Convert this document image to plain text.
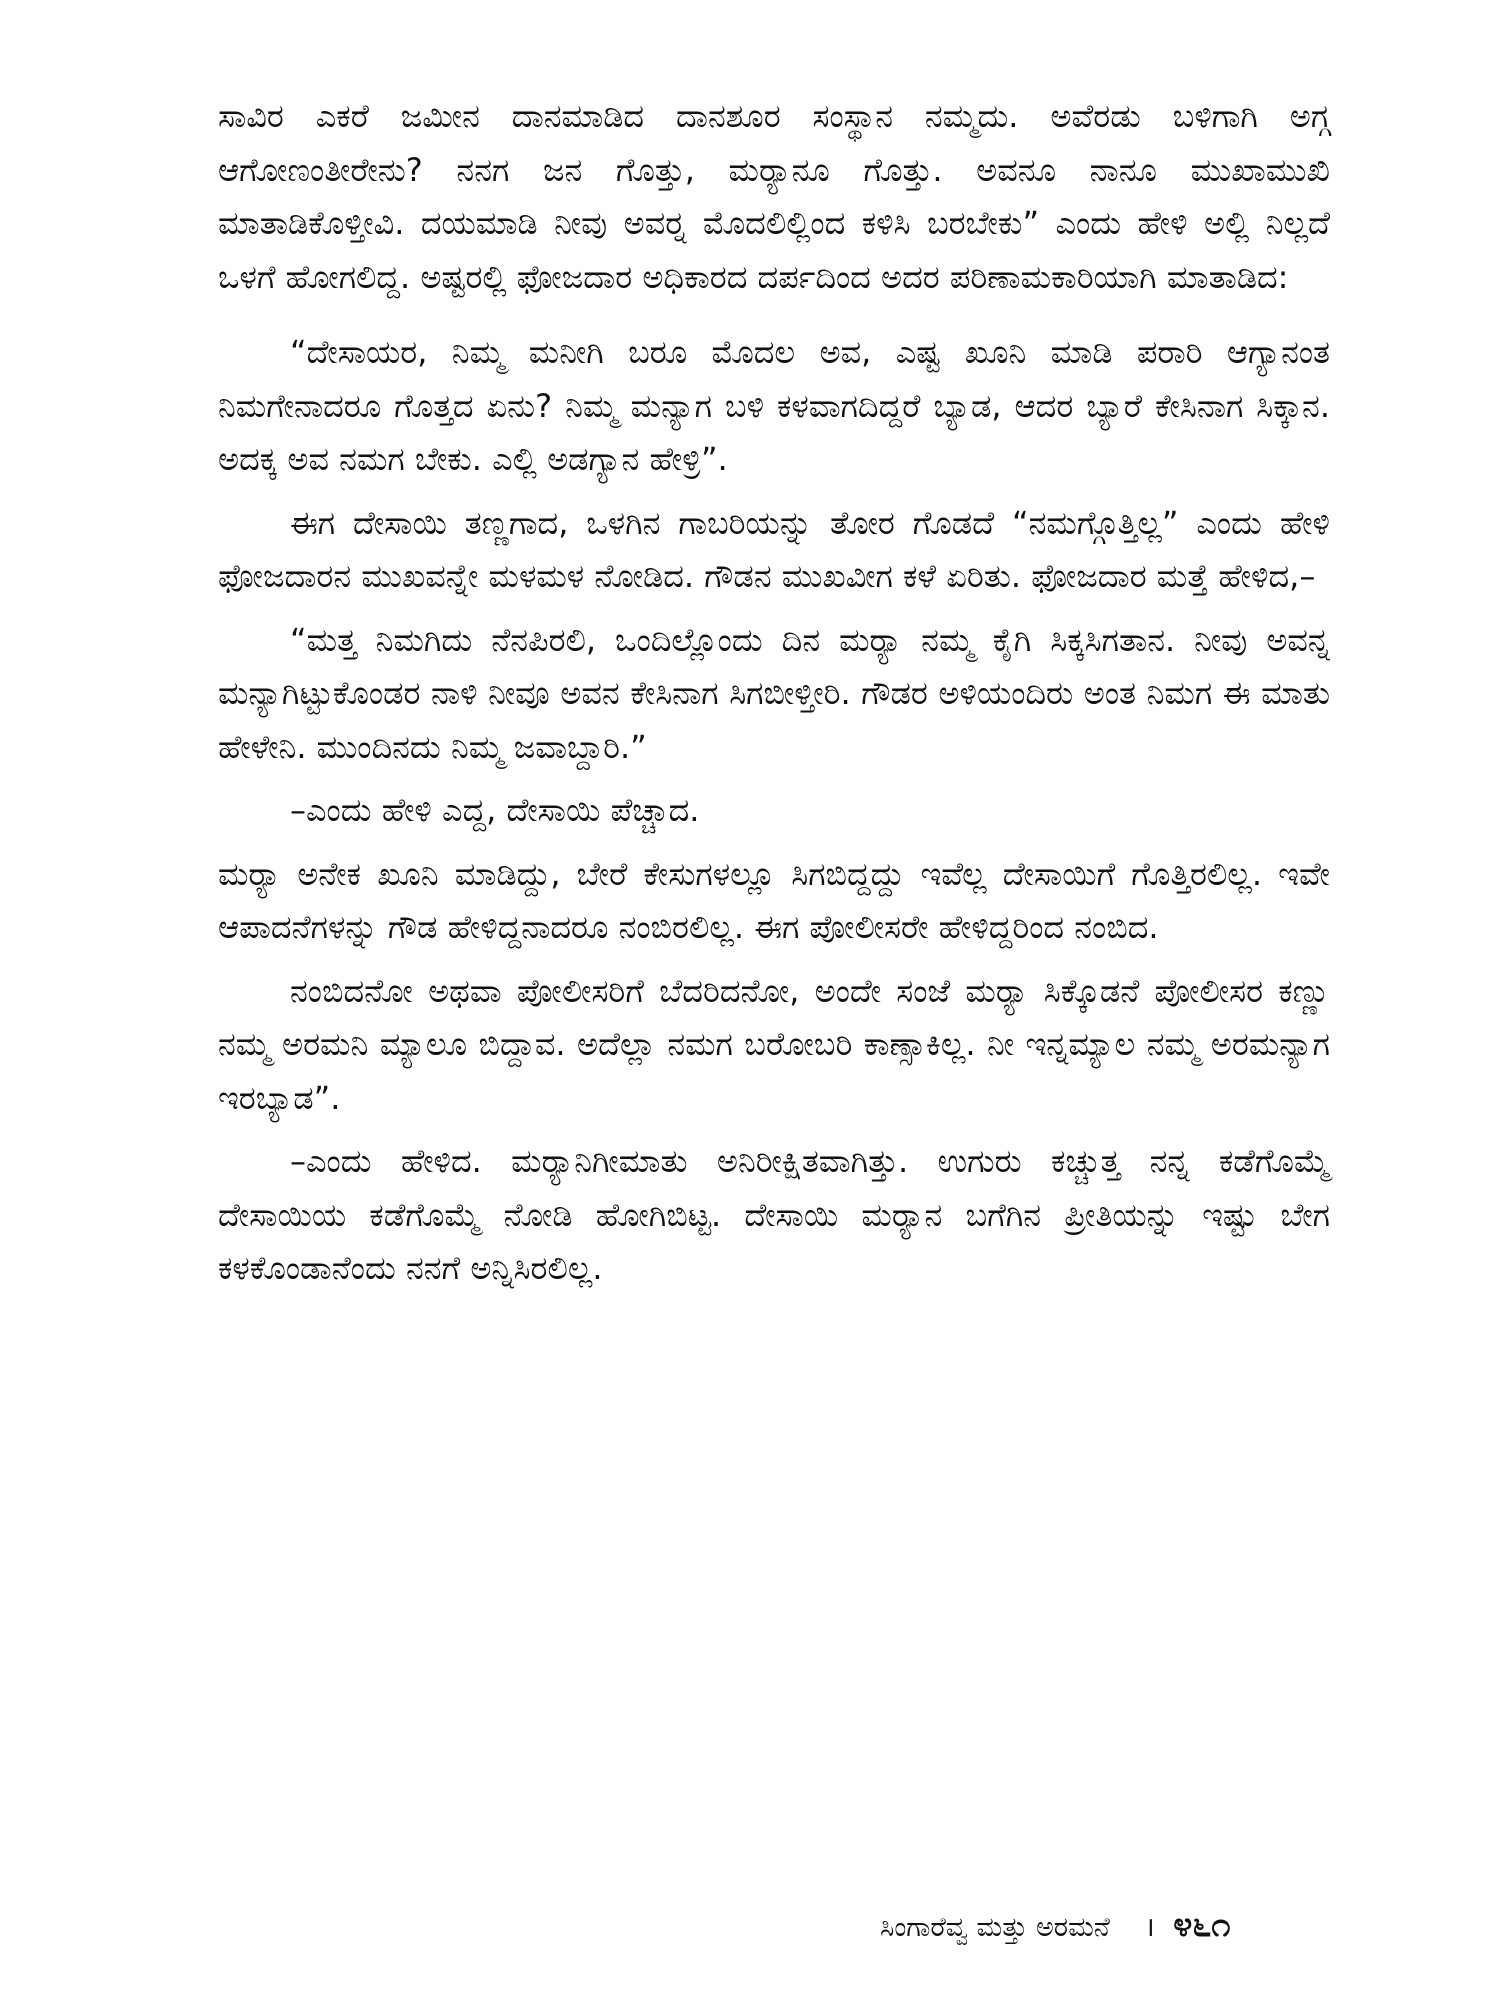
ಸಾವಿರ ಎಕರೆ ಜಮೀನ ದಾನಮಾಡಿದ ದಾನಶೂರ ಸಂಸ್ಥಾನ ನಮ್ಮದು. ಅವೆರಡು ಬಳಿಗಾಗಿ ಅಗ್ಗ ಆಗೋಣಂತೀರೇನು? ನನಗ ಜನ ಗೊತ್ತು, ಮರ್‍ಯಾನೂ ಗೊತ್ತು. ಅವನೂ ನಾನೂ ಮುಖಾಮುಖಿ ಮಾತಾಡಿಕೊಳ್ತೀವಿ. ದಯಮಾಡಿ ನೀವು ಅವರ್‍ನ ಮೊದಲಿಲ್ಲಿಂದ ಕಳಿಸಿ ಬರಬೇಕು” ಎಂದು ಹೇಳಿ ಅಲ್ಲಿ ನಿಲ್ಲದೆ ಒಳಗೆ ಹೋಗಲಿದ್ದ. ಅಷ್ಟರಲ್ಲಿ ಫೋಜದಾರ ಅಧಿಕಾರದ ದರ್ಪದಿಂದ ಅದರ ಪರಿಣಾಮಕಾರಿಯಾಗಿ ಮಾತಾಡಿದ:

“ದೇಸಾಯರ, ನಿಮ್ಮ ಮನೀಗಿ ಬರೂ ಮೊದಲ ಅವ, ಎಷ್ಟ ಖೂನಿ ಮಾಡಿ ಪರಾರಿ ಆಗ್ಯಾನಂತ ನಿಮಗೇನಾದರೂ ಗೊತ್ತದ ಏನು? ನಿಮ್ಮ ಮನ್ಯಾಗ ಬಳಿ ಕಳವಾಗದಿದ್ದರೆ ಬ್ಯಾಡ, ಆದರ ಬ್ಯಾರೆ ಕೇಸಿನಾಗ ಸಿಕ್ಕಾನ. ಅದಕ್ಕ ಅವ ನಮಗ ಬೇಕು. ಎಲ್ಲಿ ಅಡಗ್ಯಾನ ಹೇಳ್ರಿ”.

ಈಗ ದೇಸಾಯಿ ತಣ್ಣಗಾದ, ಒಳಗಿನ ಗಾಬರಿಯನ್ನು ತೋರ ಗೊಡದೆ “ನಮಗ್ಗೊತ್ತಿಲ್ಲ” ಎಂದು ಹೇಳಿ ಫೋಜದಾರನ ಮುಖವನ್ನೇ ಮಳಮಳ ನೋಡಿದ. ಗೌಡನ ಮುಖವೀಗ ಕಳೆ ಏರಿತು. ಫೋಜದಾರ ಮತ್ತೆ ಹೇಳಿದ,–

“ಮತ್ತ ನಿಮಗಿದು ನೆನಪಿರಲಿ, ಒಂದಿಲ್ಲೊಂದು ದಿನ ಮರ್‍ಯಾ ನಮ್ಮ ಕೈಗಿ ಸಿಕ್ಕಸಿಗತಾನ. ನೀವು ಅವನ್ನ ಮನ್ಯಾಗಿಟ್ಟುಕೊಂಡರ ನಾಳಿ ನೀವೂ ಅವನ ಕೇಸಿನಾಗ ಸಿಗಬೀಳ್ತೀರಿ. ಗೌಡರ ಅಳಿಯಂದಿರು ಅಂತ ನಿಮಗ ಈ ಮಾತು ಹೇಳೇನಿ. ಮುಂದಿನದು ನಿಮ್ಮ ಜವಾಬ್ದಾರಿ.”

–ಎಂದು ಹೇಳಿ ಎದ್ದ, ದೇಸಾಯಿ ಪೆಚ್ಚಾದ.

ಮರ್‍ಯಾ ಅನೇಕ ಖೂನಿ ಮಾಡಿದ್ದು, ಬೇರೆ ಕೇಸುಗಳಲ್ಲೂ ಸಿಗಬಿದ್ದದ್ದು ಇವೆಲ್ಲ ದೇಸಾಯಿಗೆ ಗೊತ್ತಿರಲಿಲ್ಲ. ಇವೇ ಆಪಾದನೆಗಳನ್ನು ಗೌಡ ಹೇಳಿದ್ದನಾದರೂ ನಂಬಿರಲಿಲ್ಲ. ಈಗ ಪೋಲೀಸರೇ ಹೇಳಿದ್ದರಿಂದ ನಂಬಿದ.

ನಂಬಿದನೋ ಅಥವಾ ಪೋಲೀಸರಿಗೆ ಬೆದರಿದನೋ, ಅಂದೇ ಸಂಜೆ ಮರ್‍ಯಾ ಸಿಕ್ಕೊಡನೆ ಪೋಲೀಸರ ಕಣ್ಣು ನಮ್ಮ ಅರಮನಿ ಮ್ಯಾಲೂ ಬಿದ್ದಾವ. ಅದೆಲ್ಲಾ ನಮಗ ಬರೋಬರಿ ಕಾಣ್ಸಾಕಿಲ್ಲ. ನೀ ಇನ್ನಮ್ಯಾಲ ನಮ್ಮ ಅರಮನ್ಯಾಗ ಇರಬ್ಯಾಡ”.

–ಎಂದು ಹೇಳಿದ. ಮರ್‍ಯಾನಿಗೀಮಾತು ಅನಿರೀಕ್ಷಿತವಾಗಿತ್ತು. ಉಗುರು ಕಚ್ಚುತ್ತ ನನ್ನ ಕಡೆಗೊಮ್ಮೆ ದೇಸಾಯಿಯ ಕಡೆಗೊಮ್ಮೆ ನೋಡಿ ಹೋಗಿಬಿಟ್ಟ. ದೇಸಾಯಿ ಮರ್‍ಯಾನ ಬಗೆಗಿನ ಪ್ರೀತಿಯನ್ನು ಇಷ್ಟು ಬೇಗ ಕಳಕೊಂಡಾನೆಂದು ನನಗೆ ಅನ್ನಿಸಿರಲಿಲ್ಲ.

ಸಿಂಗಾರೆವ್ವ ಮತ್ತು ಅರಮನೆ । ೪೬೧
